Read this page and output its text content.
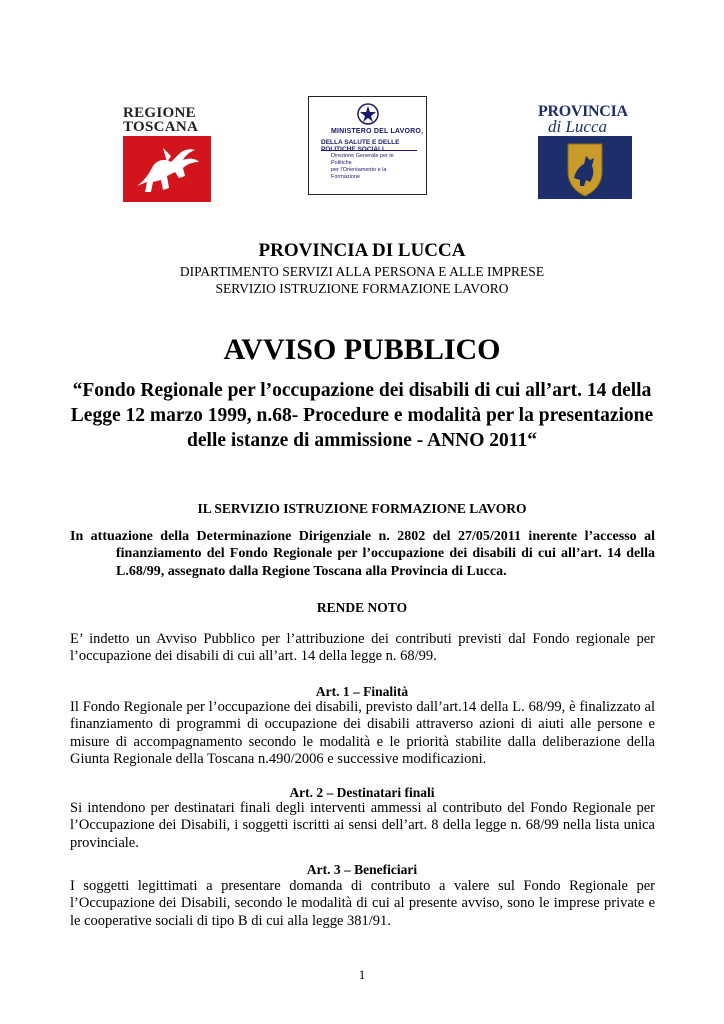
REGIONE
TOSCANA	MINISTERO DEL LAVORO,
DELLA SALUTE E DELLE
Direzione Generale per le Politiche
per l'Orientamento e la Formazione
PROVINCIA
di Lucca
PROVINCIA DI LUCCA
DIPARTIMENTO SERVIZI ALLA PERSONA E ALLE IMPRESE
SERVIZIO ISTRUZIONE FORMAZIONE LAVORO
AVVISO PUBBLICO
“Fondo Regionale per l’occupazione dei disabili di cui all’art. 14 della Legge 12 marzo 1999, n.68- Procedure e modalità per la presentazione delle istanze di ammissione - ANNO 2011“
IL SERVIZIO ISTRUZIONE FORMAZIONE LAVORO
In attuazione della Determinazione Dirigenziale n. 2802 del 27/05/2011 inerente l’accesso al
finanziamento del Fondo Regionale per l’occupazione dei disabili di cui all’art. 14 della L.68/99, assegnato dalla Regione Toscana alla Provincia di Lucca.
RENDE NOTO
E’ indetto un Avviso Pubblico per l’attribuzione dei contributi previsti dal Fondo regionale per l’occupazione dei disabili di cui all’art. 14 della legge n. 68/99.
Art. 1 – Finalità
Il Fondo Regionale per l’occupazione dei disabili, previsto dall’art.14 della L. 68/99, è finalizzato al finanziamento di programmi di occupazione dei disabili attraverso azioni di aiuti alle persone e misure di accompagnamento secondo le modalità e le priorità stabilite dalla deliberazione della Giunta Regionale della Toscana n.490/2006 e successive modificazioni.
Art. 2 – Destinatari finali
Si intendono per destinatari finali degli interventi ammessi al contributo del Fondo Regionale per l’Occupazione dei Disabili, i soggetti iscritti ai sensi dell’art. 8 della legge n. 68/99 nella lista unica provinciale.
Art. 3 – Beneficiari
I soggetti legittimati a presentare domanda di contributo a valere sul Fondo Regionale per l’Occupazione dei Disabili, secondo le modalità di cui al presente avviso, sono le imprese private e le cooperative sociali di tipo B di cui alla legge 381/91.
1
